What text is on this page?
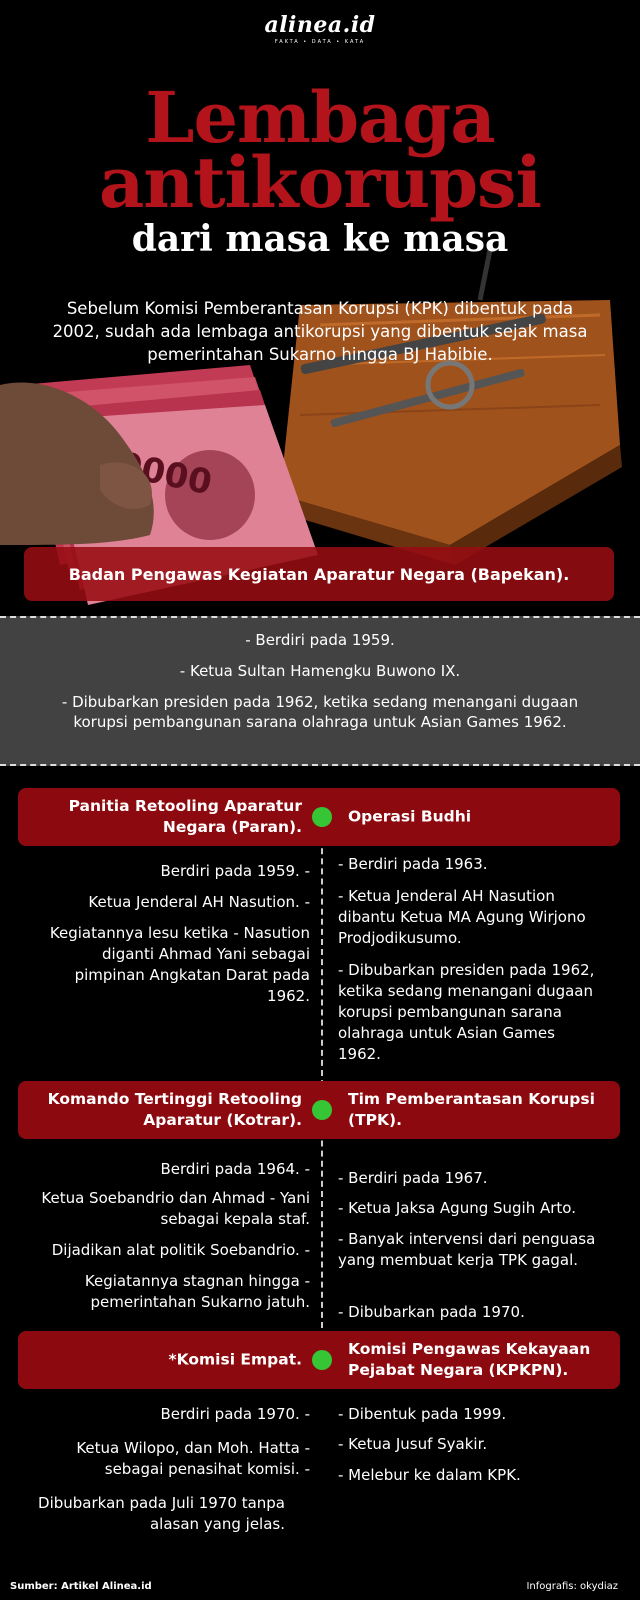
alinea.id
FAKTA • DATA • KATA
Lembaga
antikorupsi
dari masa ke masa
Sebelum Komisi Pemberantasan Korupsi (KPK) dibentuk pada 2002, sudah ada lembaga antikorupsi yang dibentuk sejak masa pemerintahan Sukarno hingga BJ Habibie.
Badan Pengawas Kegiatan Aparatur Negara (Bapekan).
- Berdiri pada 1959.
- Ketua Sultan Hamengku Buwono IX.
- Dibubarkan presiden pada 1962, ketika sedang menangani dugaan korupsi pembangunan sarana olahraga untuk Asian Games 1962.
Panitia Retooling Aparatur Negara (Paran).
Operasi Budhi
Berdiri pada 1959. -
Ketua Jenderal AH Nasution. -
Kegiatannya lesu ketika - Nasution diganti Ahmad Yani sebagai pimpinan Angkatan Darat pada 1962.
- Berdiri pada 1963.
- Ketua Jenderal AH Nasution dibantu Ketua MA Agung Wirjono Prodjodikusumo.
- Dibubarkan presiden pada 1962, ketika sedang menangani dugaan korupsi pembangunan sarana olahraga untuk Asian Games 1962.
Komando Tertinggi Retooling Aparatur (Kotrar).
Tim Pemberantasan Korupsi (TPK).
Berdiri pada 1964. -
Ketua Soebandrio dan Ahmad - Yani sebagai kepala staf.
Dijadikan alat politik Soebandrio. -
Kegiatannya stagnan hingga - pemerintahan Sukarno jatuh.
- Berdiri pada 1967.
- Ketua Jaksa Agung Sugih Arto.
- Banyak intervensi dari penguasa yang membuat kerja TPK gagal.
- Dibubarkan pada 1970.
*Komisi Empat.
Komisi Pengawas Kekayaan Pejabat Negara (KPKPN).
Berdiri pada 1970. -
Ketua Wilopo, dan Moh. Hatta - sebagai penasihat komisi. -
Dibubarkan pada Juli 1970 tanpa alasan yang jelas.
- Dibentuk pada 1999.
- Ketua Jusuf Syakir.
- Melebur ke dalam KPK.
Sumber: Artikel Alinea.id	Infografis: okydiaz
